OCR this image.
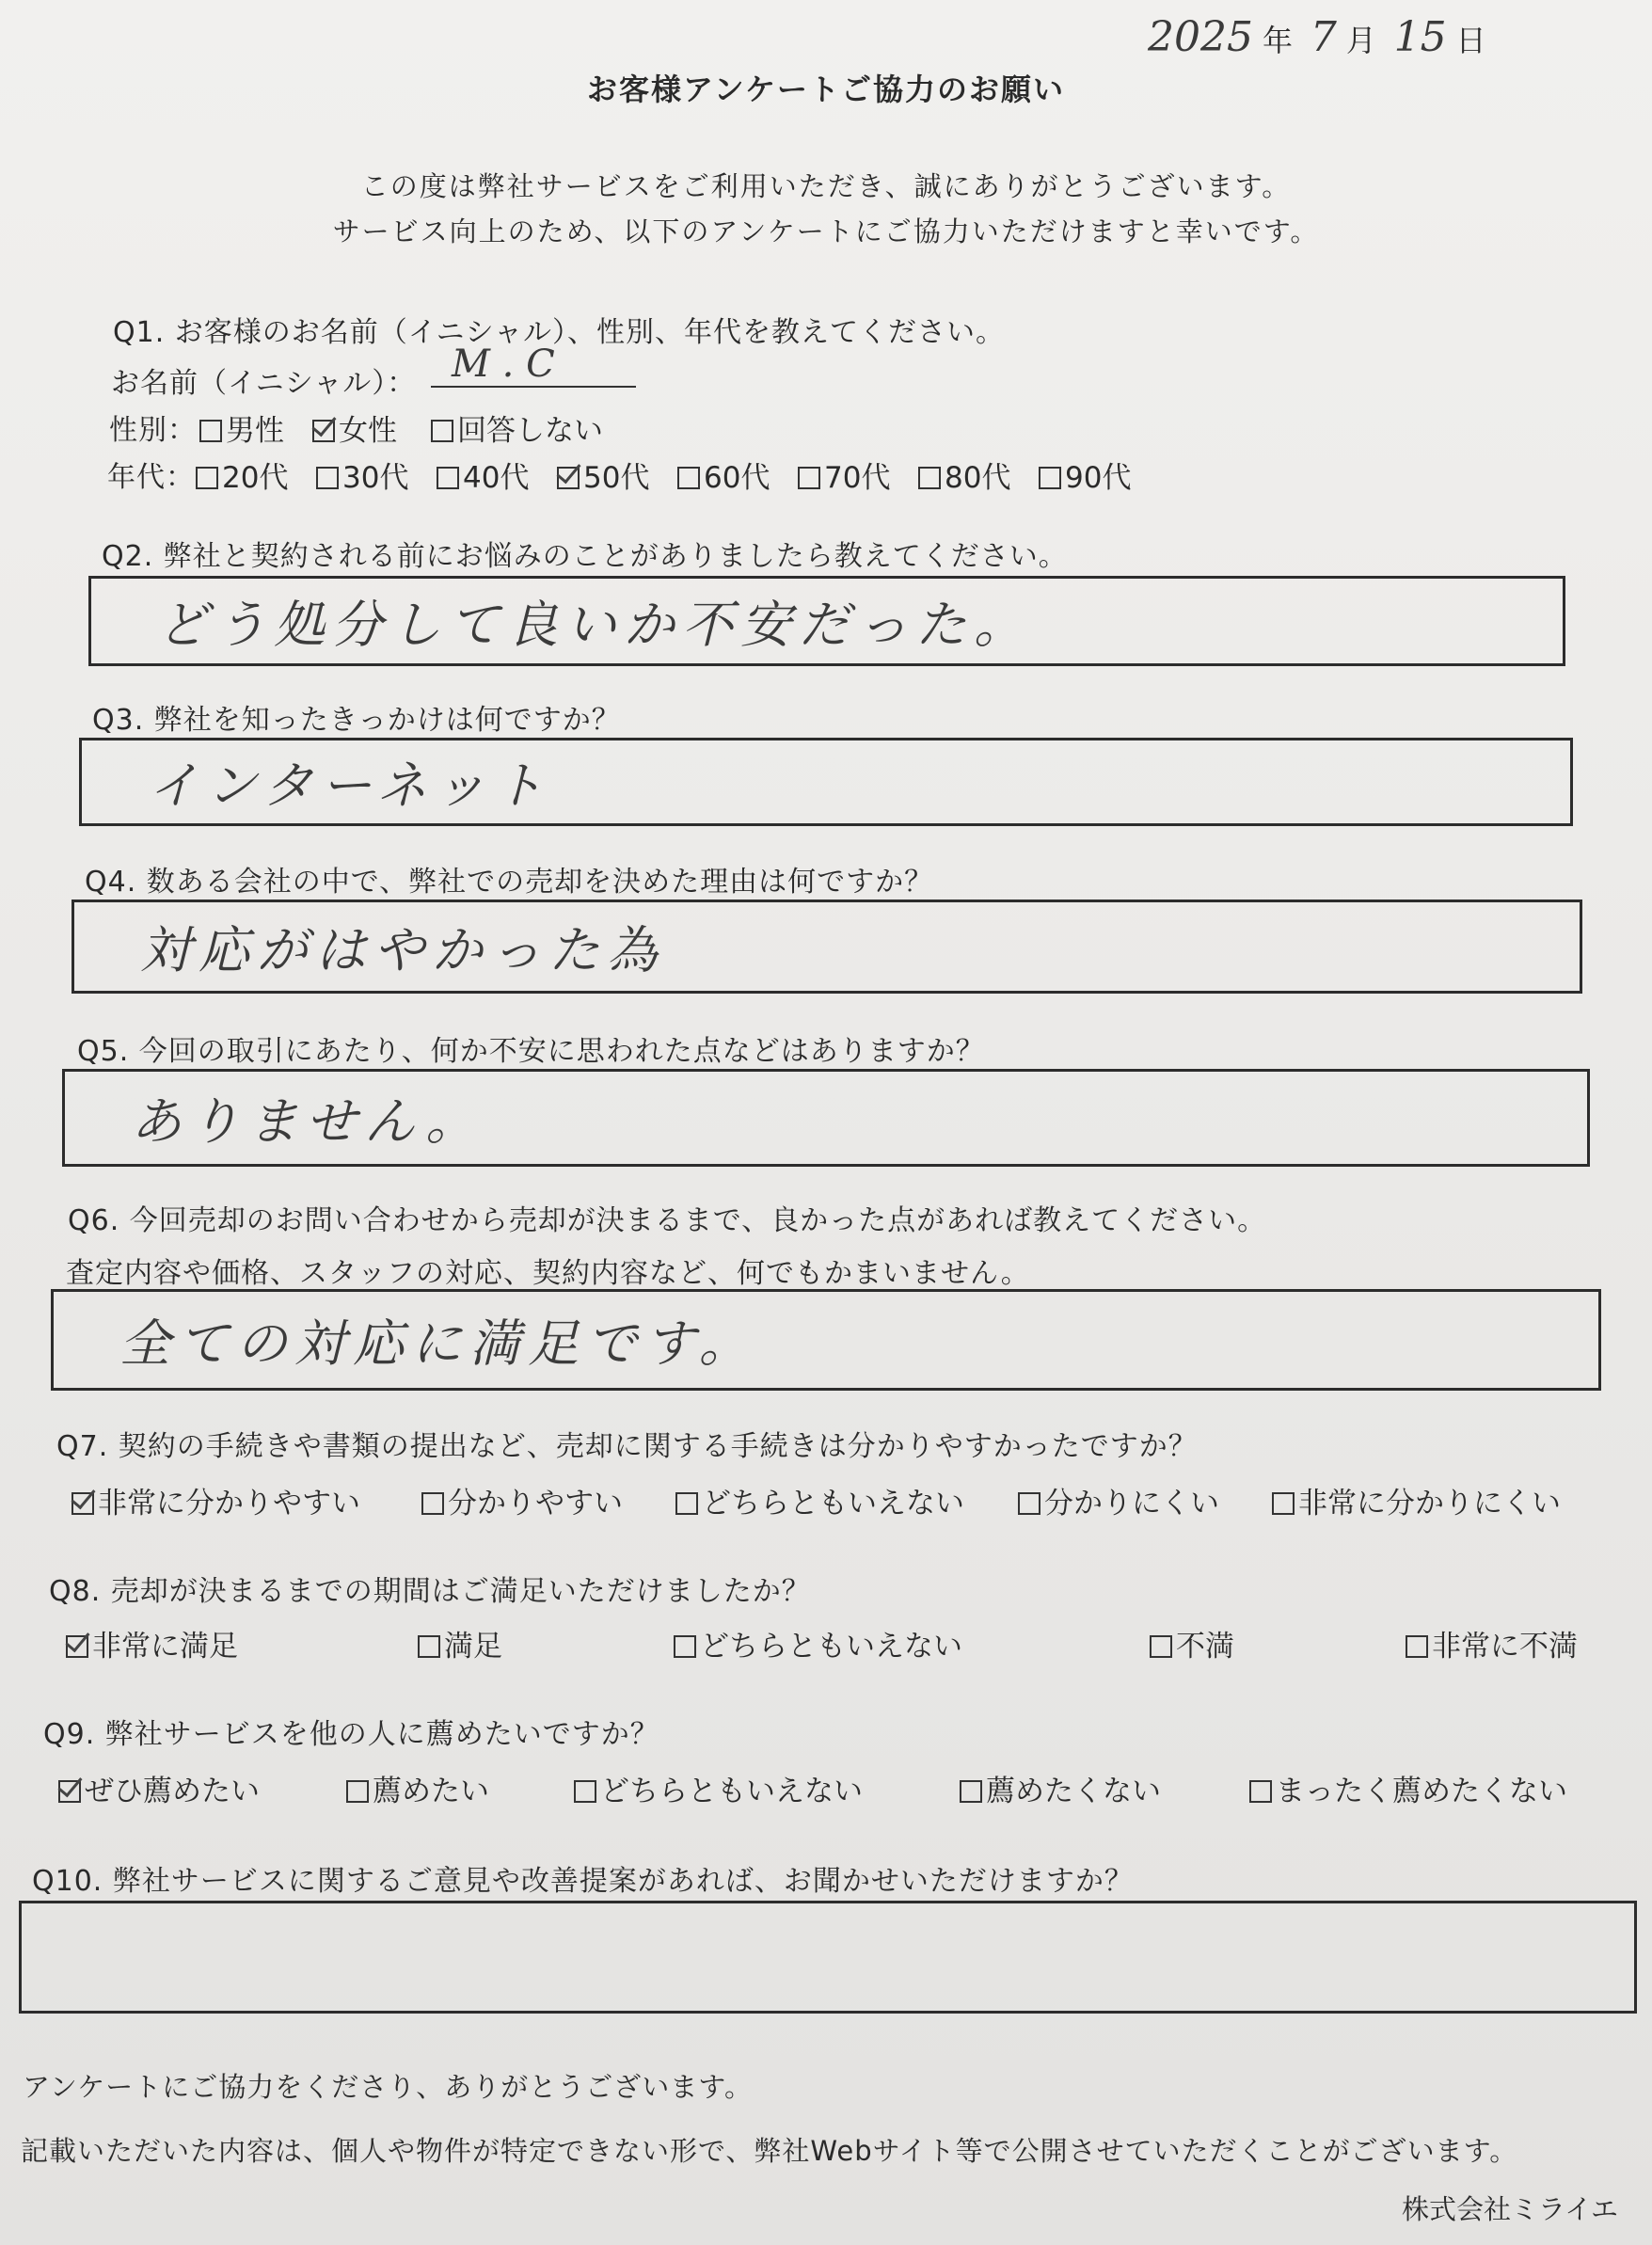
2025 年 7 月 15 日
お客様アンケートご協力のお願い
この度は弊社サービスをご利用いただき、誠にありがとうございます。
サービス向上のため、以下のアンケートにご協力いただけますと幸いです。
Q1. お客様のお名前（イニシャル）、性別、年代を教えてください。
お名前（イニシャル）： M . C
性別：	男性	女性	回答しない
年代： 20代	30代	40代	50代	60代	70代	80代	90代
Q2. 弊社と契約される前にお悩みのことがありましたら教えてください。
どう処分して良いか不安だった。
Q3. 弊社を知ったきっかけは何ですか？
インターネット
Q4. 数ある会社の中で、弊社での売却を決めた理由は何ですか？
対応がはやかった為
Q5. 今回の取引にあたり、何か不安に思われた点などはありますか？
ありません。
Q6. 今回売却のお問い合わせから売却が決まるまで、良かった点があれば教えてください。
査定内容や価格、スタッフの対応、契約内容など、何でもかまいません。
全ての対応に満足です。
Q7. 契約の手続きや書類の提出など、売却に関する手続きは分かりやすかったですか？
非常に分かりやすい	分かりやすい	どちらともいえない	分かりにくい	非常に分かりにくい
Q8. 売却が決まるまでの期間はご満足いただけましたか？
非常に満足	満足	どちらともいえない	不満	非常に不満
Q9. 弊社サービスを他の人に薦めたいですか？
ぜひ薦めたい	薦めたい	どちらともいえない	薦めたくない	まったく薦めたくない
Q10. 弊社サービスに関するご意見や改善提案があれば、お聞かせいただけますか？
アンケートにご協力をくださり、ありがとうございます。
記載いただいた内容は、個人や物件が特定できない形で、弊社Webサイト等で公開させていただくことがございます。
株式会社ミライエ
